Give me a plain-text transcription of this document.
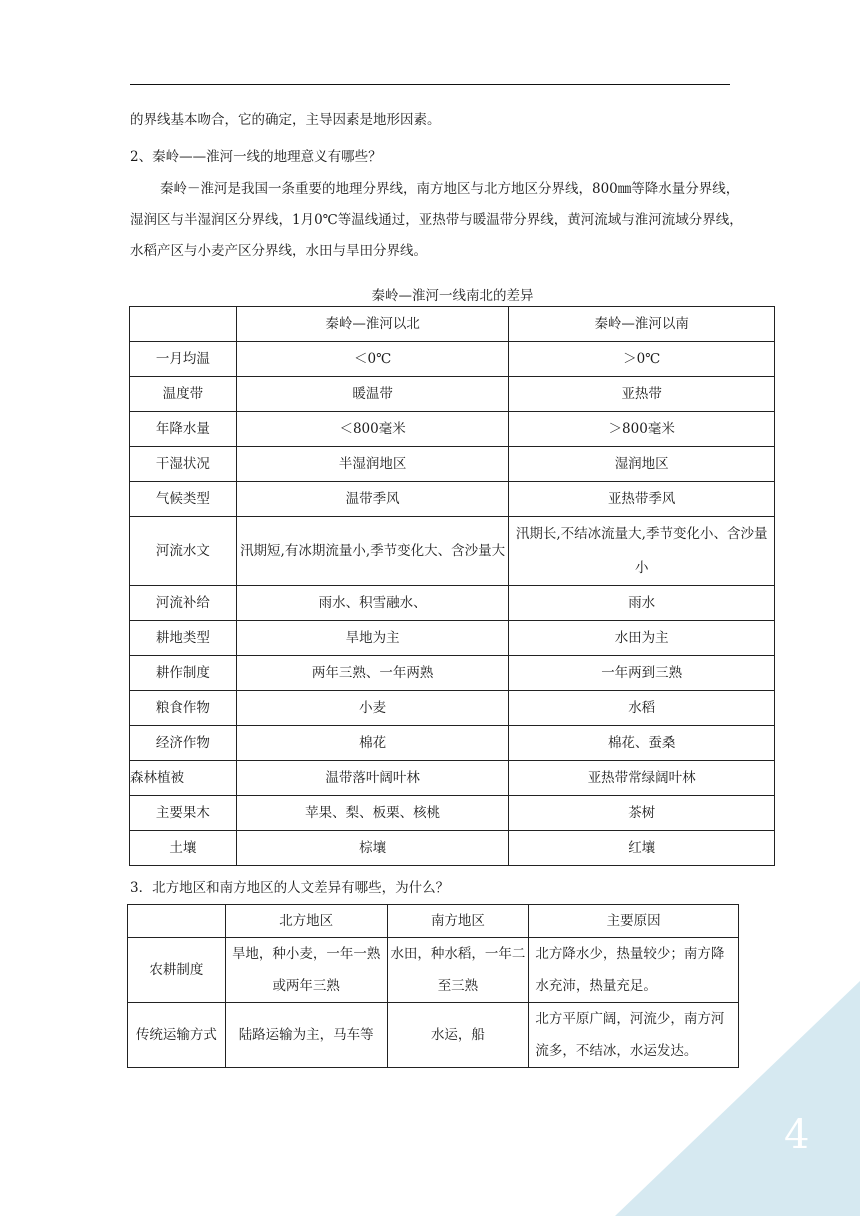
的界线基本吻合，它的确定，主导因素是地形因素。

2、秦岭——淮河一线的地理意义有哪些？

秦岭－淮河是我国一条重要的地理分界线，南方地区与北方地区分界线，800㎜等降水量分界线，湿润区与半湿润区分界线，1月0℃等温线通过，亚热带与暖温带分界线，黄河流域与淮河流域分界线，水稻产区与小麦产区分界线，水田与旱田分界线。

秦岭—淮河一线南北的差异
	秦岭—淮河以北	秦岭—淮河以南
一月均温	＜0℃	＞0℃
温度带	暖温带	亚热带
年降水量	＜800毫米	＞800毫米
干湿状况	半湿润地区	湿润地区
气候类型	温带季风	亚热带季风
河流水文	汛期短,有冰期流量小,季节变化大、含沙量大	汛期长,不结冰流量大,季节变化小、含沙量小
河流补给	雨水、积雪融水、	雨水
耕地类型	旱地为主	水田为主
耕作制度	两年三熟、一年两熟	一年两到三熟
粮食作物	小麦	水稻
经济作物	棉花	棉花、蚕桑
森林植被	温带落叶阔叶林	亚热带常绿阔叶林
主要果木	苹果、梨、板栗、核桃	茶树
土壤	棕壤	红壤

3．北方地区和南方地区的人文差异有哪些，为什么？

	北方地区	南方地区	主要原因
农耕制度	旱地，种小麦，一年一熟或两年三熟	水田，种水稻，一年二至三熟	北方降水少，热量较少；南方降水充沛，热量充足。
传统运输方式	陆路运输为主，马车等	水运，船	北方平原广阔，河流少，南方河流多，不结冰，水运发达。
4
